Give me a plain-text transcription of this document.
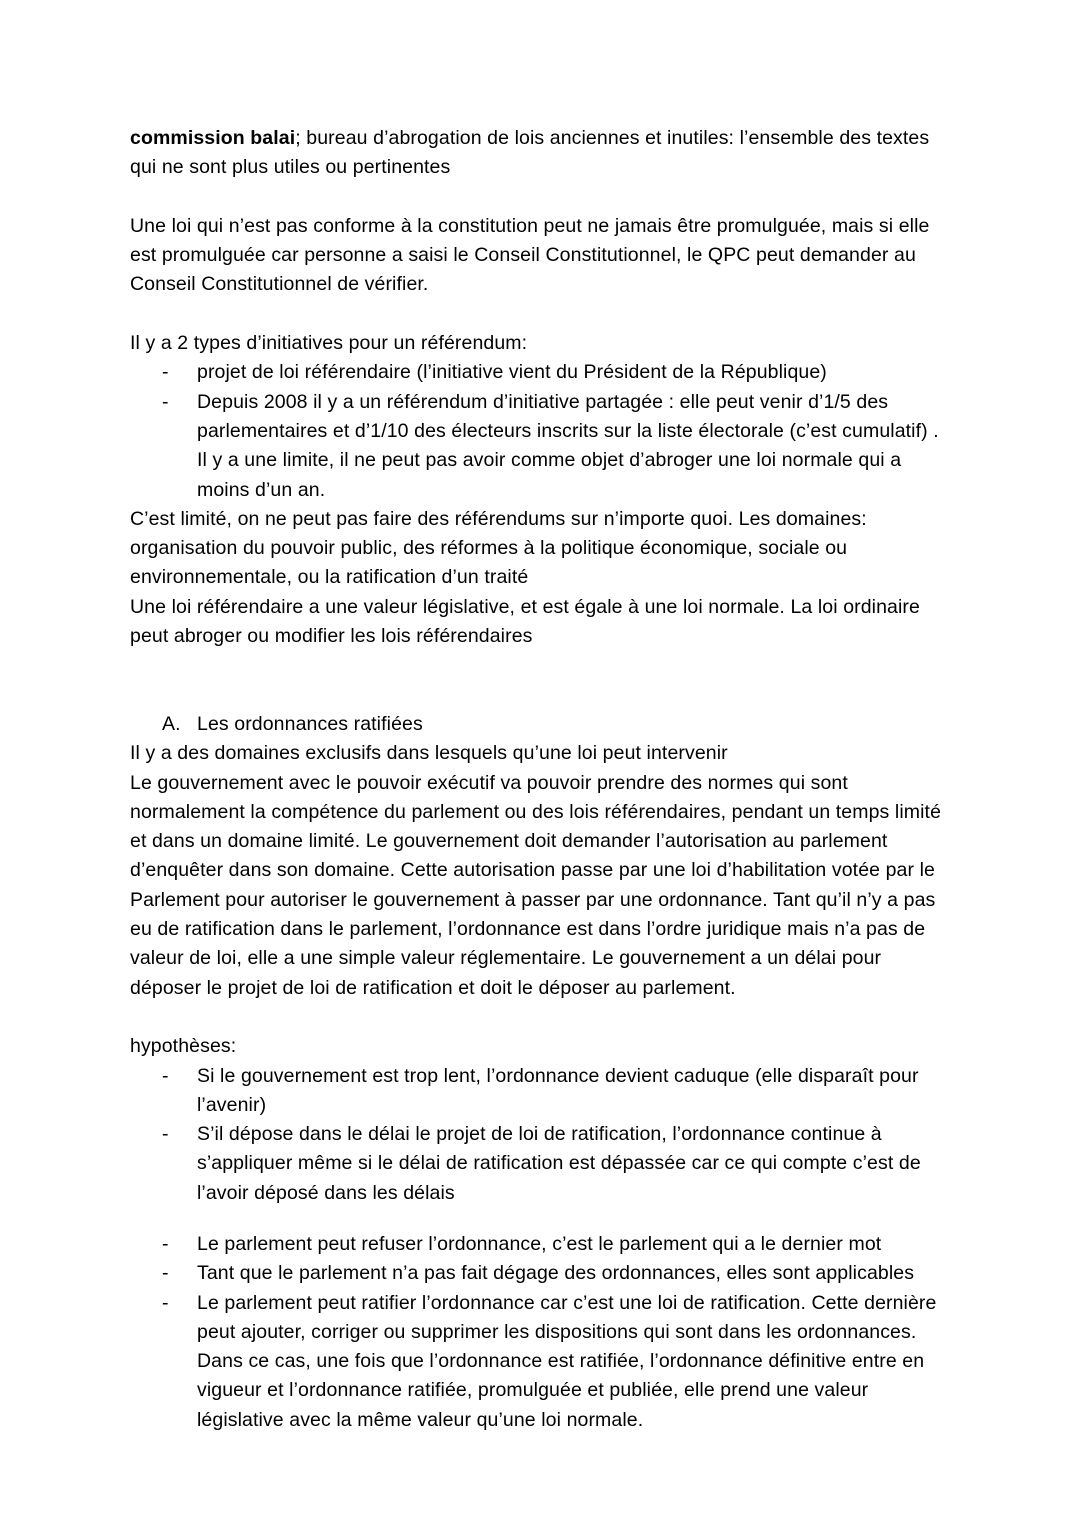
commission balai; bureau d’abrogation de lois anciennes et inutiles: l’ensemble des textes qui ne sont plus utiles ou pertinentes

Une loi qui n’est pas conforme à la constitution peut ne jamais être promulguée, mais si elle est promulguée car personne a saisi le Conseil Constitutionnel, le QPC peut demander au Conseil Constitutionnel de vérifier.

Il y a 2 types d’initiatives pour un référendum:

- projet de loi référendaire (l’initiative vient du Président de la République)
- Depuis 2008 il y a un référendum d’initiative partagée : elle peut venir d’1/5 des parlementaires et d’1/10 des électeurs inscrits sur la liste électorale (c’est cumulatif) . Il y a une limite, il ne peut pas avoir comme objet d’abroger une loi normale qui a moins d’un an.

C’est limité, on ne peut pas faire des référendums sur n’importe quoi. Les domaines: organisation du pouvoir public, des réformes à la politique économique, sociale ou environnementale, ou la ratification d’un traité

Une loi référendaire a une valeur législative, et est égale à une loi normale. La loi ordinaire peut abroger ou modifier les lois référendaires

A. Les ordonnances ratifiées

Il y a des domaines exclusifs dans lesquels qu’une loi peut intervenir

Le gouvernement avec le pouvoir exécutif va pouvoir prendre des normes qui sont normalement la compétence du parlement ou des lois référendaires, pendant un temps limité et dans un domaine limité. Le gouvernement doit demander l’autorisation au parlement d’enquêter dans son domaine. Cette autorisation passe par une loi d’habilitation votée par le Parlement pour autoriser le gouvernement à passer par une ordonnance. Tant qu’il n’y a pas eu de ratification dans le parlement, l’ordonnance est dans l’ordre juridique mais n’a pas de valeur de loi, elle a une simple valeur réglementaire. Le gouvernement a un délai pour déposer le projet de loi de ratification et doit le déposer au parlement.

hypothèses:

- Si le gouvernement est trop lent, l’ordonnance devient caduque (elle disparaît pour l’avenir)
- S’il dépose dans le délai le projet de loi de ratification, l’ordonnance continue à s’appliquer même si le délai de ratification est dépassée car ce qui compte c’est de l’avoir déposé dans les délais
- Le parlement peut refuser l’ordonnance, c’est le parlement qui a le dernier mot
- Tant que le parlement n’a pas fait dégage des ordonnances, elles sont applicables
- Le parlement peut ratifier l’ordonnance car c’est une loi de ratification. Cette dernière peut ajouter, corriger ou supprimer les dispositions qui sont dans les ordonnances. Dans ce cas, une fois que l’ordonnance est ratifiée, l’ordonnance définitive entre en vigueur et l’ordonnance ratifiée, promulguée et publiée, elle prend une valeur législative avec la même valeur qu’une loi normale.
